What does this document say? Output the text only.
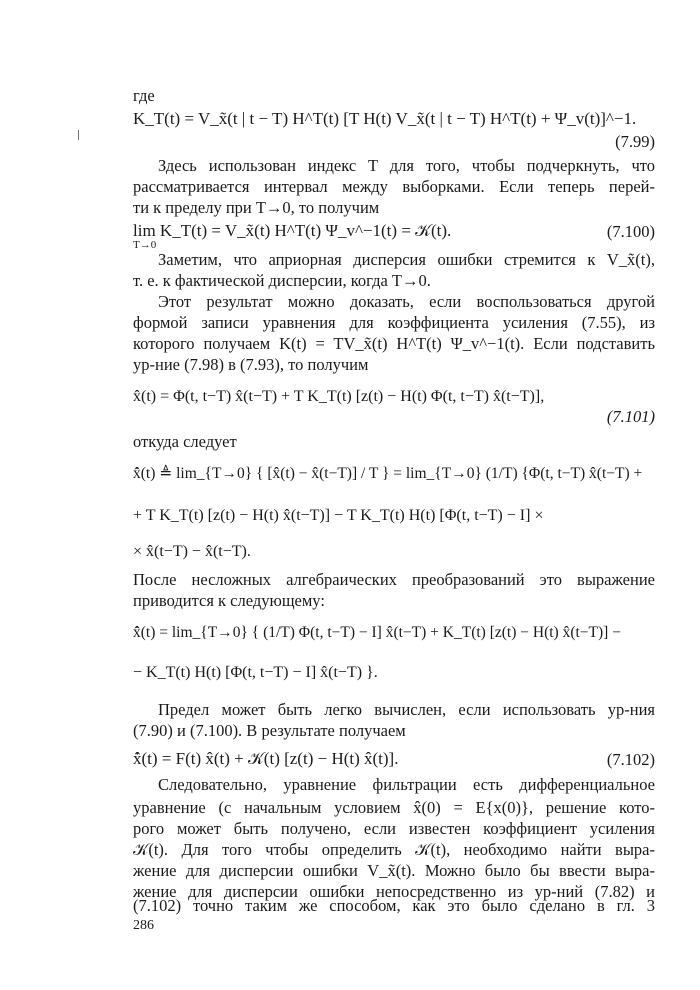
где
K_T(t) = V_x̃(t | t − T) H^T(t) [T H(t) V_x̃(t | t − T) H^T(t) + Ψ_v(t)]^−1.
(7.99)
Здесь использован индекс T для того, чтобы подчеркнуть, что
рассматривается интервал между выборками. Если теперь перей-
ти к пределу при T→0, то получим
lim K_T(t) = V_x̃(t) H^T(t) Ψ_v^−1(t) = 𝒦(t).
T→0
(7.100)
Заметим, что априорная дисперсия ошибки стремится к V_x̃(t),
т. е. к фактической дисперсии, когда T→0.
Этот результат можно доказать, если воспользоваться другой
формой записи уравнения для коэффициента усиления (7.55), из
которого получаем K(t) = TV_x̃(t) H^T(t) Ψ_v^−1(t). Если подставить
ур-ние (7.98) в (7.93), то получим
x̂(t) = Φ(t, t−T) x̂(t−T) + T K_T(t) [z(t) − H(t) Φ(t, t−T) x̂(t−T)],
(7.101)
откуда следует
x̂̇(t) ≜ lim_{T→0} { [x̂(t) − x̂(t−T)] / T } = lim_{T→0} (1/T) {Φ(t, t−T) x̂(t−T) +
+ T K_T(t) [z(t) − H(t) x̂(t−T)] − T K_T(t) H(t) [Φ(t, t−T) − I] ×
× x̂(t−T) − x̂(t−T).
После несложных алгебраических преобразований это выражение
приводится к следующему:
x̂̇(t) = lim_{T→0} { (1/T) Φ(t, t−T) − I] x̂(t−T) + K_T(t) [z(t) − H(t) x̂(t−T)] −
− K_T(t) H(t) [Φ(t, t−T) − I] x̂(t−T) }.
Предел может быть легко вычислен, если использовать ур-ния
(7.90) и (7.100). В результате получаем
x̂̇(t) = F(t) x̂(t) + 𝒦(t) [z(t) − H(t) x̂(t)].	(7.102)
Следовательно, уравнение фильтрации есть дифференциальное
уравнение (с начальным условием x̂(0) = E{x(0)}, решение кото-
рого может быть получено, если известен коэффициент усиления
𝒦(t). Для того чтобы определить 𝒦(t), необходимо найти выра-
жение для дисперсии ошибки V_x̃(t). Можно было бы ввести выра-
жение для дисперсии ошибки непосредственно из ур-ний (7.82) и
(7.102) точно таким же способом, как это было сделано в гл. 3
286
